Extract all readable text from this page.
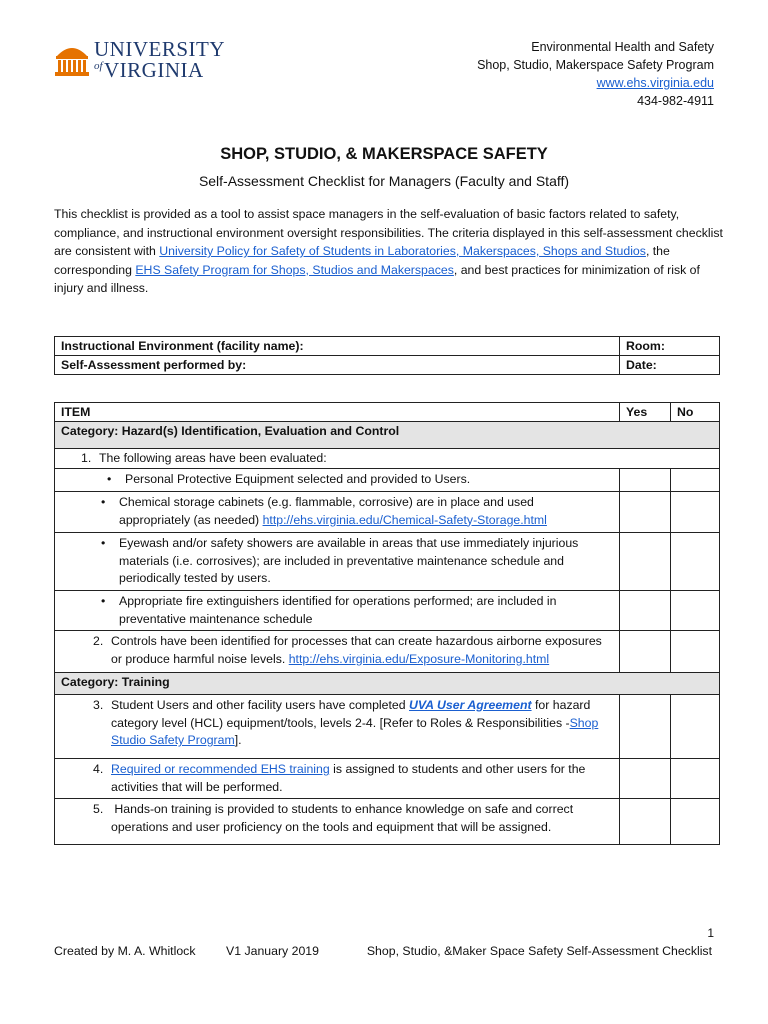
UNIVERSITY
VIRGINIA
of
Environmental Health and Safety
Shop, Studio, Makerspace Safety Program
www.ehs.virginia.edu
434-982-4911
SHOP, STUDIO, & MAKERSPACE SAFETY
Self-Assessment Checklist for Managers (Faculty and Staff)
This checklist is provided as a tool to assist space managers in the self-evaluation of basic factors related to safety, compliance, and instructional environment oversight responsibilities. The criteria displayed in this self-assessment checklist are consistent with University Policy for Safety of Students in Laboratories, Makerspaces, Shops and Studios, the corresponding EHS Safety Program for Shops, Studios and Makerspaces, and best practices for minimization of risk of injury and illness.
Instructional Environment (facility name):	Room:
Self-Assessment performed by:	Date:
ITEM	Yes	No
Category: Hazard(s) Identification, Evaluation and Control		
1. The following areas have been evaluated:		
• Personal Protective Equipment selected and provided to Users.		
• Chemical storage cabinets (e.g. flammable, corrosive) are in place and used
appropriately (as needed) http://ehs.virginia.edu/Chemical-Safety-Storage.html		
• Eyewash and/or safety showers are available in areas that use immediately injurious
materials (i.e. corrosives); are included in preventative maintenance schedule and
periodically tested by users.		
• Appropriate fire extinguishers identified for operations performed; are included in
preventative maintenance schedule		
2. Controls have been identified for processes that can create hazardous airborne exposures
or produce harmful noise levels. http://ehs.virginia.edu/Exposure-Monitoring.html		
Category: Training		
3. Student Users and other facility users have completed UVA User Agreement for hazard
category level (HCL) equipment/tools, levels 2-4. [Refer to Roles & Responsibilities -Shop
Studio Safety Program].		
4. Required or recommended EHS training is assigned to students and other users for the
activities that will be performed.		
5. Hands-on training is provided to students to enhance knowledge on safe and correct
operations and user proficiency on the tools and equipment that will be assigned.		
1
Created by M. A. Whitlock V1 January 2019	Shop, Studio, &Maker Space Safety Self-Assessment Checklist
